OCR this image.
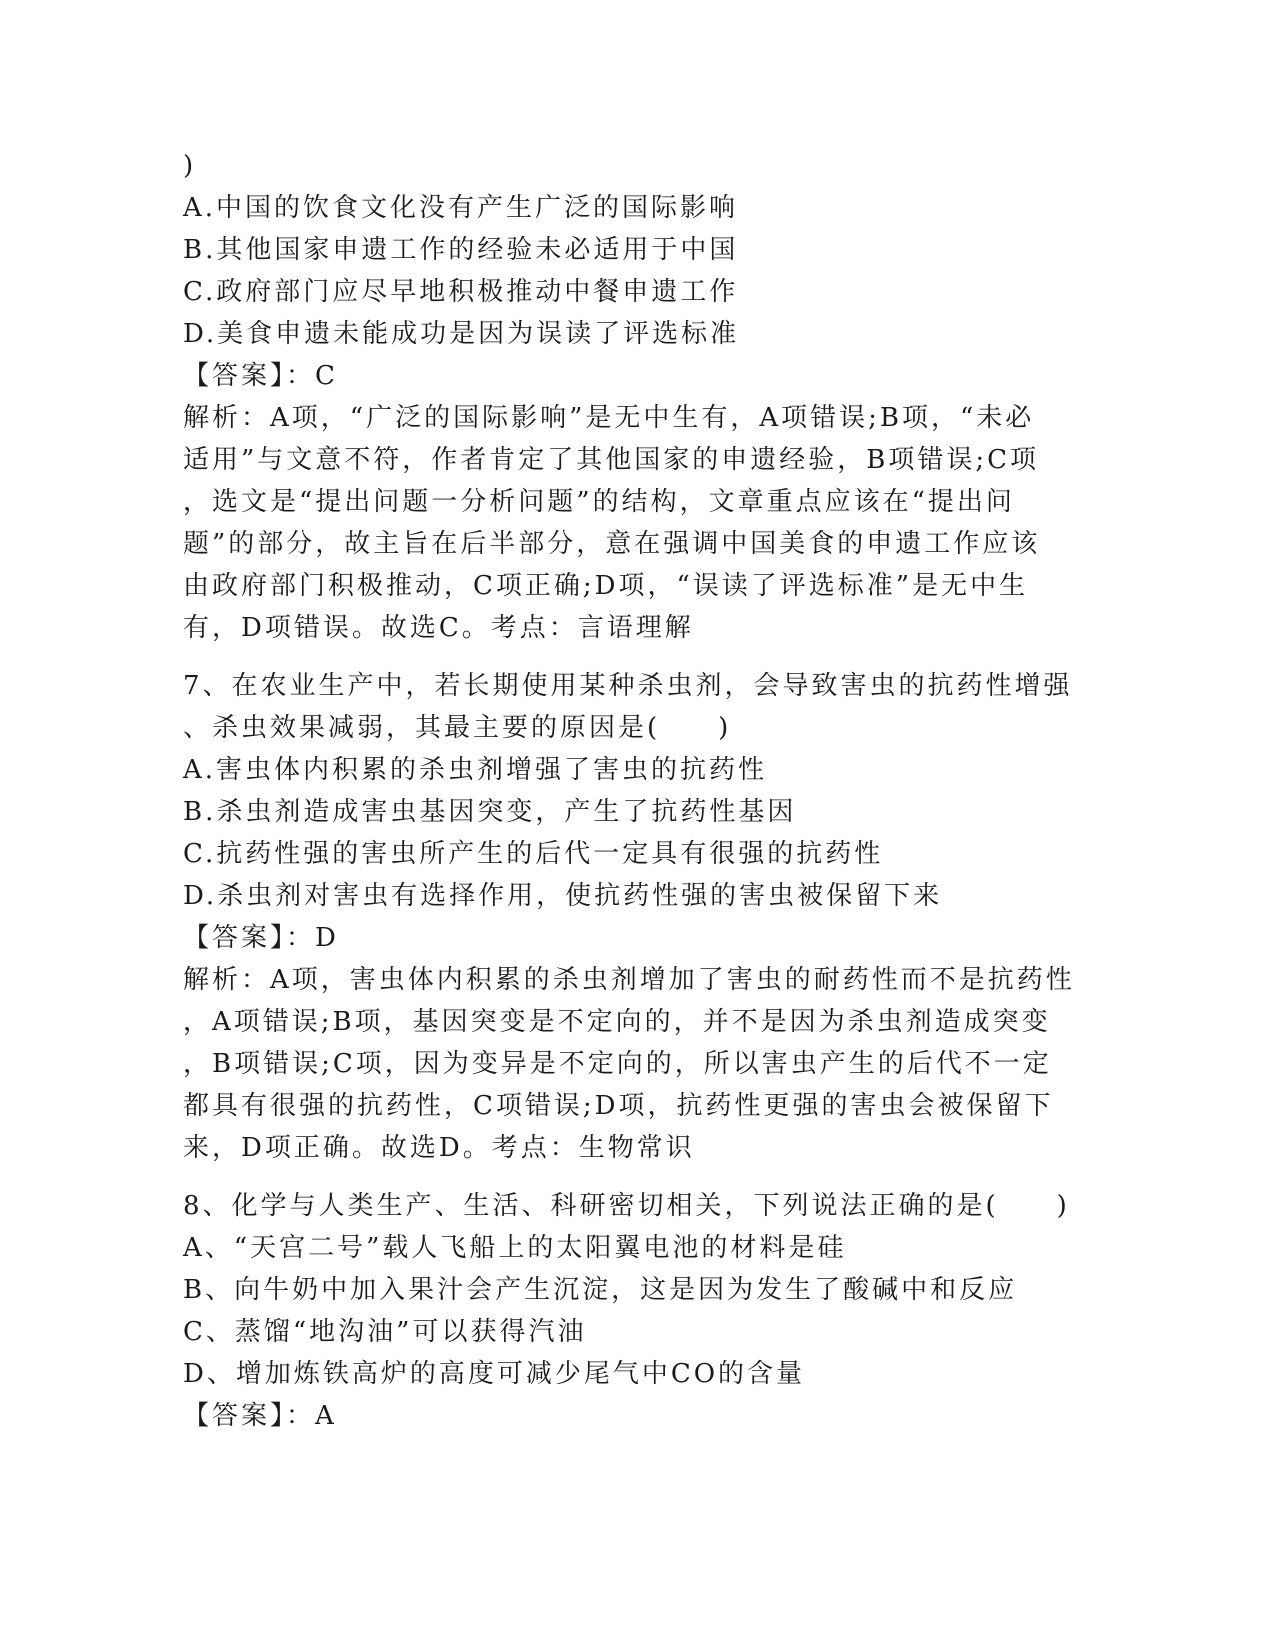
)
A.中国的饮食文化没有产生广泛的国际影响
B.其他国家申遗工作的经验未必适用于中国
C.政府部门应尽早地积极推动中餐申遗工作
D.美食申遗未能成功是因为误读了评选标准
【答案】：C
解析：A项，“广泛的国际影响”是无中生有，A项错误;B项，“未必
适用”与文意不符，作者肯定了其他国家的申遗经验，B项错误;C项
，选文是“提出问题一分析问题”的结构，文章重点应该在“提出问
题”的部分，故主旨在后半部分，意在强调中国美食的申遗工作应该
由政府部门积极推动，C项正确;D项，“误读了评选标准”是无中生
有，D项错误。故选C。考点：言语理解
7、在农业生产中，若长期使用某种杀虫剂，会导致害虫的抗药性增强
、杀虫效果减弱，其最主要的原因是(　　)
A.害虫体内积累的杀虫剂增强了害虫的抗药性
B.杀虫剂造成害虫基因突变，产生了抗药性基因
C.抗药性强的害虫所产生的后代一定具有很强的抗药性
D.杀虫剂对害虫有选择作用，使抗药性强的害虫被保留下来
【答案】：D
解析：A项，害虫体内积累的杀虫剂增加了害虫的耐药性而不是抗药性
，A项错误;B项，基因突变是不定向的，并不是因为杀虫剂造成突变
，B项错误;C项，因为变异是不定向的，所以害虫产生的后代不一定
都具有很强的抗药性，C项错误;D项，抗药性更强的害虫会被保留下
来，D项正确。故选D。考点：生物常识
8、化学与人类生产、生活、科研密切相关，下列说法正确的是(　　)
A、“天宫二号”载人飞船上的太阳翼电池的材料是硅
B、向牛奶中加入果汁会产生沉淀，这是因为发生了酸碱中和反应
C、蒸馏“地沟油”可以获得汽油
D、增加炼铁高炉的高度可减少尾气中CO的含量
【答案】：A
